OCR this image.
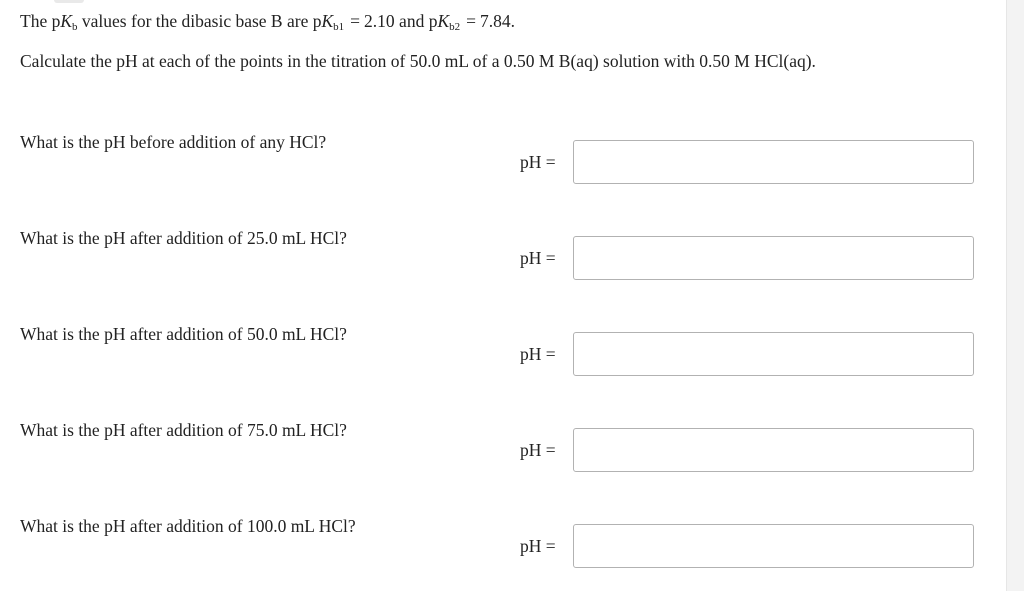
The $pK_b$ values for the dibasic base B are $pK_{b1} = 2.10$ and $pK_{b2} = 7.84$.
Calculate the pH at each of the points in the titration of 50.0 mL of a 0.50 M B(aq) solution with 0.50 M HCl(aq).
What is the pH before addition of any HCl?
pH =
What is the pH after addition of 25.0 mL HCl?
pH =
What is the pH after addition of 50.0 mL HCl?
pH =
What is the pH after addition of 75.0 mL HCl?
pH =
What is the pH after addition of 100.0 mL HCl?
pH =
